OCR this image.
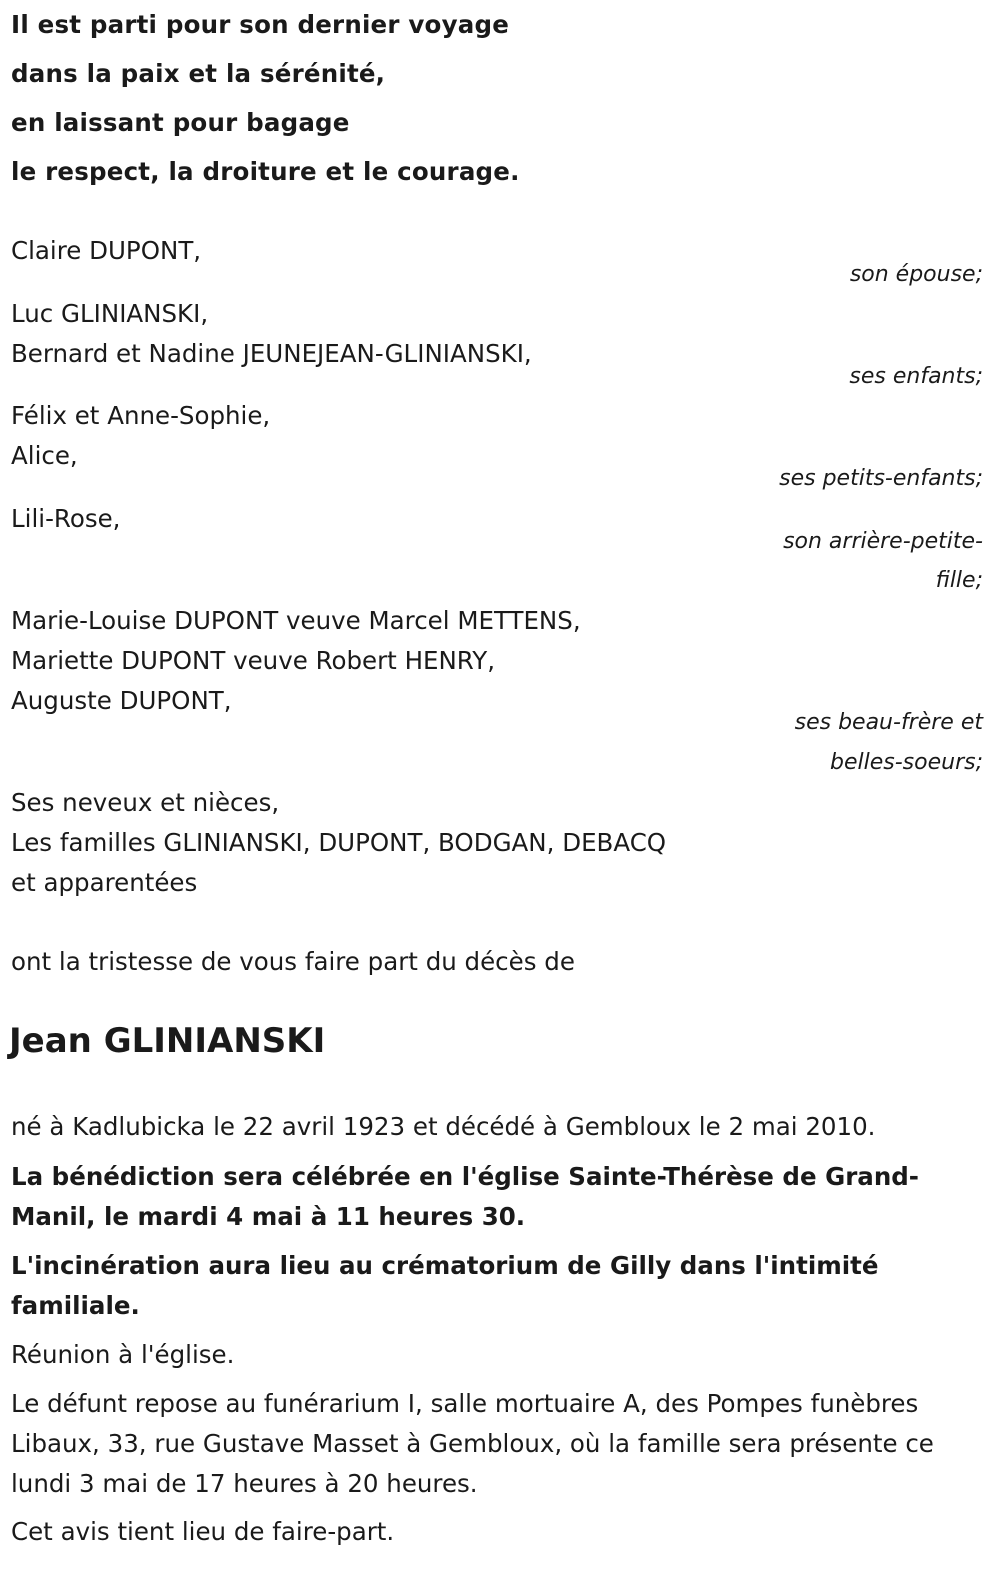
Il est parti pour son dernier voyage
dans la paix et la sérénité,
en laissant pour bagage
le respect, la droiture et le courage.
Claire DUPONT,
son épouse;
Luc GLINIANSKI,
Bernard et Nadine JEUNEJEAN-GLINIANSKI,
ses enfants;
Félix et Anne-Sophie,
Alice,
ses petits-enfants;
Lili-Rose,
son arrière-petite-
fille;
Marie-Louise DUPONT veuve Marcel METTENS,
Mariette DUPONT veuve Robert HENRY,
Auguste DUPONT,
ses beau-frère et
belles-soeurs;
Ses neveux et nièces,
Les familles GLINIANSKI, DUPONT, BODGAN, DEBACQ
et apparentées
ont la tristesse de vous faire part du décès de
Jean GLINIANSKI
né à Kadlubicka le 22 avril 1923 et décédé à Gembloux le 2 mai 2010.
La bénédiction sera célébrée en l'église Sainte-Thérèse de Grand-Manil, le mardi 4 mai à 11 heures 30.
L'incinération aura lieu au crématorium de Gilly dans l'intimité familiale.
Réunion à l'église.
Le défunt repose au funérarium I, salle mortuaire A, des Pompes funèbres Libaux, 33, rue Gustave Masset à Gembloux, où la famille sera présente ce lundi 3 mai de 17 heures à 20 heures.
Cet avis tient lieu de faire-part.
